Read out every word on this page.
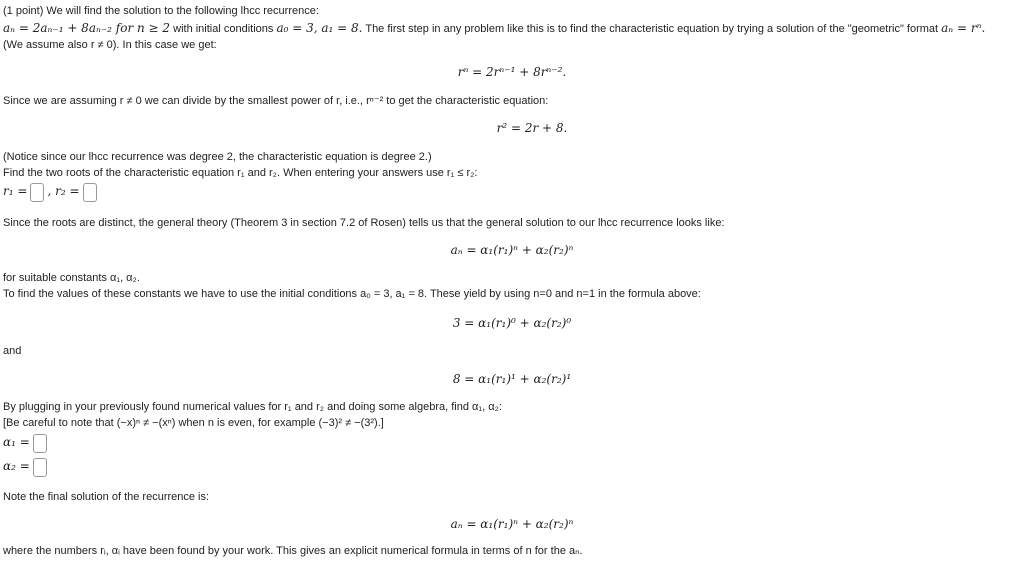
(1 point) We will find the solution to the following lhcc recurrence:
aₙ = 2aₙ₋₁ + 8aₙ₋₂ for n ≥ 2 with initial conditions a₀ = 3, a₁ = 8. The first step in any problem like this is to find the characteristic equation by trying a solution of the "geometric" format aₙ = rⁿ.
(We assume also r ≠ 0). In this case we get:
rⁿ = 2rⁿ⁻¹ + 8rⁿ⁻².
Since we are assuming r ≠ 0 we can divide by the smallest power of r, i.e., rⁿ⁻² to get the characteristic equation:
r² = 2r + 8.
(Notice since our lhcc recurrence was degree 2, the characteristic equation is degree 2.)
Find the two roots of the characteristic equation r₁ and r₂. When entering your answers use r₁ ≤ r₂:
r₁ = , r₂ =
Since the roots are distinct, the general theory (Theorem 3 in section 7.2 of Rosen) tells us that the general solution to our lhcc recurrence looks like:
aₙ = α₁(r₁)ⁿ + α₂(r₂)ⁿ
for suitable constants α₁, α₂.
To find the values of these constants we have to use the initial conditions a₀ = 3, a₁ = 8. These yield by using n=0 and n=1 in the formula above:
3 = α₁(r₁)⁰ + α₂(r₂)⁰
and
8 = α₁(r₁)¹ + α₂(r₂)¹
By plugging in your previously found numerical values for r₁ and r₂ and doing some algebra, find α₁, α₂:
[Be careful to note that (−x)ⁿ ≠ −(xⁿ) when n is even, for example (−3)² ≠ −(3²).]
α₁ =
α₂ =
Note the final solution of the recurrence is:
aₙ = α₁(r₁)ⁿ + α₂(r₂)ⁿ
where the numbers rᵢ, αᵢ have been found by your work. This gives an explicit numerical formula in terms of n for the aₙ.
